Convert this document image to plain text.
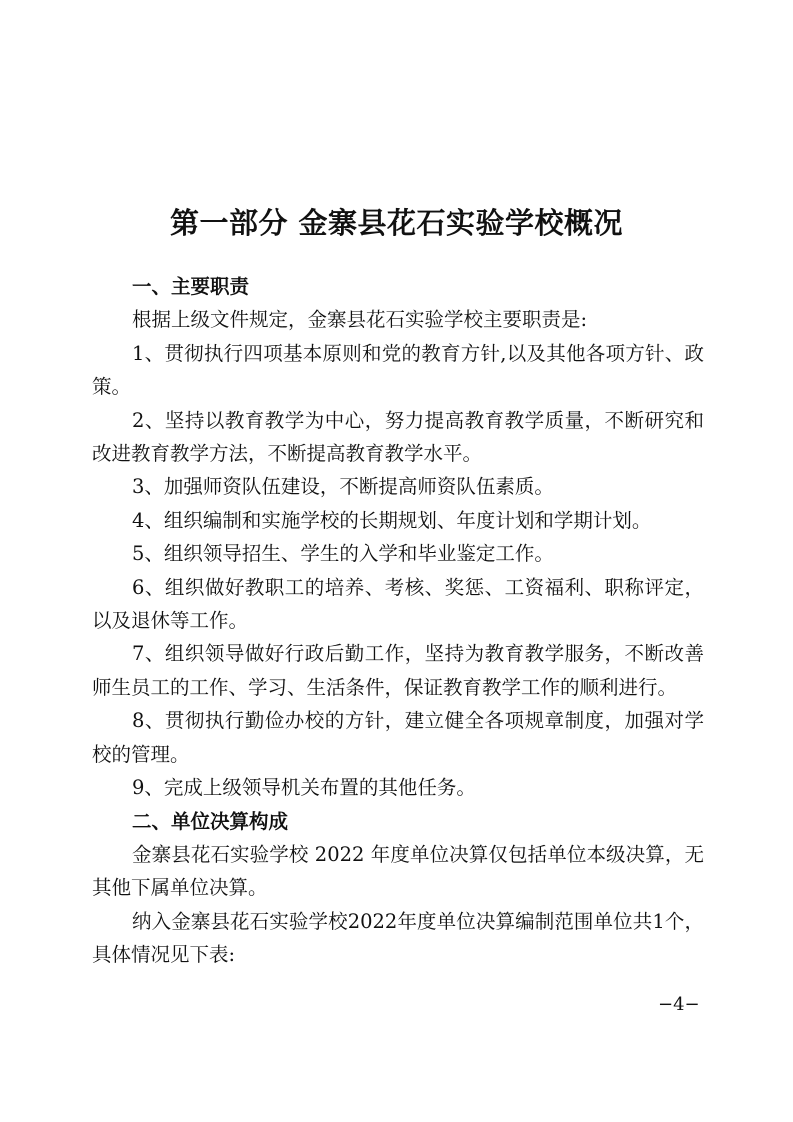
第一部分 金寨县花石实验学校概况

一、主要职责

根据上级文件规定，金寨县花石实验学校主要职责是:

1、贯彻执行四项基本原则和党的教育方针,以及其他各项方针、政策。

2、坚持以教育教学为中心，努力提高教育教学质量，不断研究和改进教育教学方法，不断提高教育教学水平。

3、加强师资队伍建设，不断提高师资队伍素质。

4、组织编制和实施学校的长期规划、年度计划和学期计划。

5、组织领导招生、学生的入学和毕业鉴定工作。

6、组织做好教职工的培养、考核、奖惩、工资福利、职称评定，以及退休等工作。

7、组织领导做好行政后勤工作，坚持为教育教学服务，不断改善师生员工的工作、学习、生活条件，保证教育教学工作的顺利进行。

8、贯彻执行勤俭办校的方针，建立健全各项规章制度，加强对学校的管理。

9、完成上级领导机关布置的其他任务。

二、单位决算构成

金寨县花石实验学校 2022 年度单位决算仅包括单位本级决算，无其他下属单位决算。

纳入金寨县花石实验学校2022年度单位决算编制范围单位共1个，具体情况见下表:

−4−
